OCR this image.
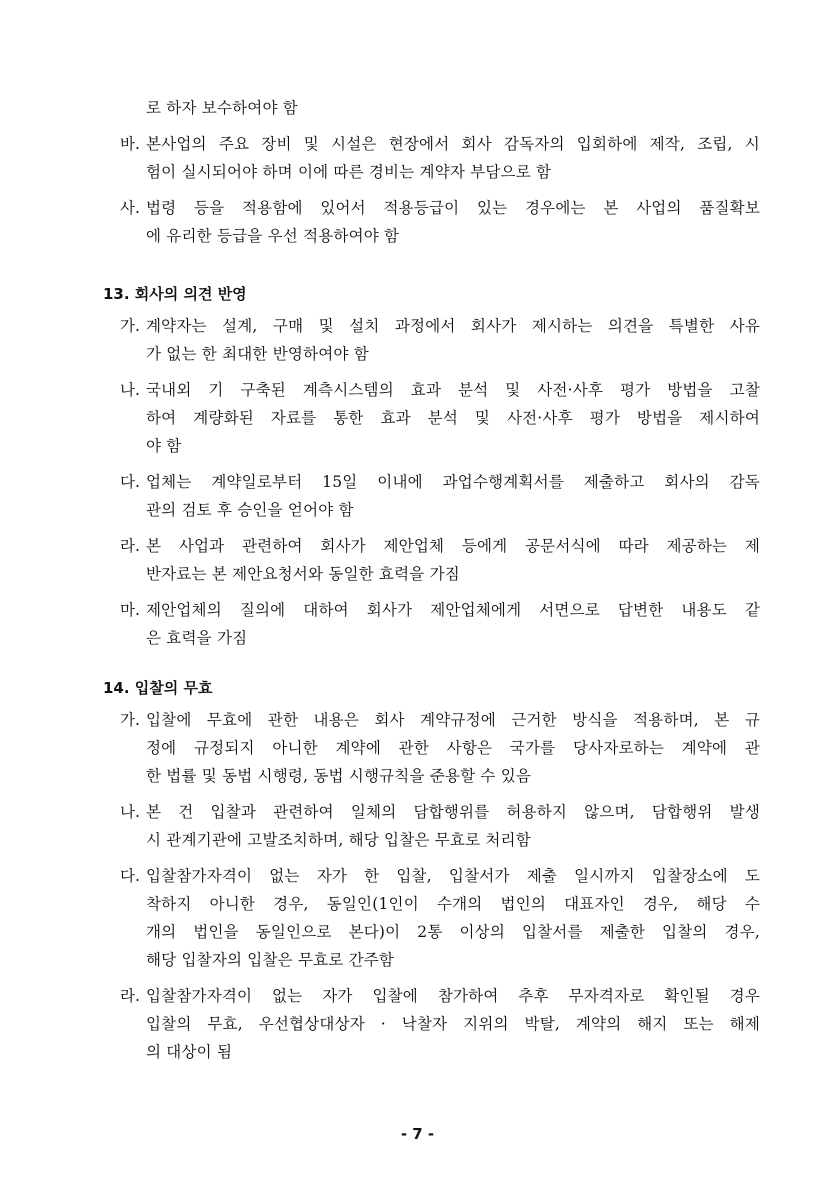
로 하자 보수하여야 함
바. 본사업의 주요 장비 및 시설은 현장에서 회사 감독자의 입회하에 제작, 조립, 시
험이 실시되어야 하며 이에 따른 경비는 계약자 부담으로 함
사. 법령 등을 적용함에 있어서 적용등급이 있는 경우에는 본 사업의 품질확보
에 유리한 등급을 우선 적용하여야 함
13. 회사의 의견 반영
가. 계약자는 설계, 구매 및 설치 과정에서 회사가 제시하는 의견을 특별한 사유
가 없는 한 최대한 반영하여야 함
나. 국내외 기 구축된 계측시스템의 효과 분석 및 사전·사후 평가 방법을 고찰
하여 계량화된 자료를 통한 효과 분석 및 사전·사후 평가 방법을 제시하여
야 함
다. 업체는 계약일로부터 15일 이내에 과업수행계획서를 제출하고 회사의 감독
관의 검토 후 승인을 얻어야 함
라. 본 사업과 관련하여 회사가 제안업체 등에게 공문서식에 따라 제공하는 제
반자료는 본 제안요청서와 동일한 효력을 가짐
마. 제안업체의 질의에 대하여 회사가 제안업체에게 서면으로 답변한 내용도 같
은 효력을 가짐
14. 입찰의 무효
가. 입찰에 무효에 관한 내용은 회사 계약규정에 근거한 방식을 적용하며, 본 규
정에 규정되지 아니한 계약에 관한 사항은 국가를 당사자로하는 계약에 관
한 법률 및 동법 시행령, 동법 시행규칙을 준용할 수 있음
나. 본 건 입찰과 관련하여 일체의 담합행위를 허용하지 않으며, 담합행위 발생
시 관계기관에 고발조치하며, 해당 입찰은 무효로 처리함
다. 입찰참가자격이 없는 자가 한 입찰, 입찰서가 제출 일시까지 입찰장소에 도
착하지 아니한 경우, 동일인(1인이 수개의 법인의 대표자인 경우, 해당 수
개의 법인을 동일인으로 본다)이 2통 이상의 입찰서를 제출한 입찰의 경우,
해당 입찰자의 입찰은 무효로 간주함
라. 입찰참가자격이 없는 자가 입찰에 참가하여 추후 무자격자로 확인될 경우
입찰의 무효, 우선협상대상자 · 낙찰자 지위의 박탈, 계약의 해지 또는 해제
의 대상이 됨
- 7 -
